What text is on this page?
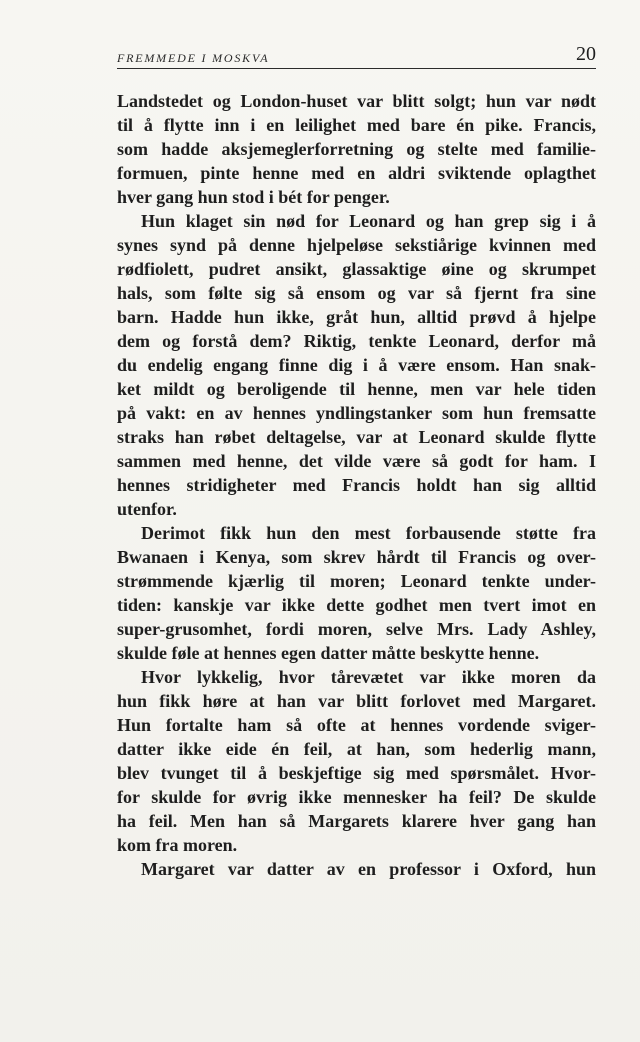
FREMMEDE I MOSKVA	20
Landstedet og London-huset var blitt solgt; hun var nødt
til å flytte inn i en leilighet med bare én pike. Francis,
som hadde aksjemeglerforretning og stelte med familie-
formuen, pinte henne med en aldri sviktende oplagthet
hver gang hun stod i bét for penger.
Hun klaget sin nød for Leonard og han grep sig i å
synes synd på denne hjelpeløse sekstiårige kvinnen med
rødfiolett, pudret ansikt, glassaktige øine og skrumpet
hals, som følte sig så ensom og var så fjernt fra sine
barn. Hadde hun ikke, gråt hun, alltid prøvd å hjelpe
dem og forstå dem? Riktig, tenkte Leonard, derfor må
du endelig engang finne dig i å være ensom. Han snak-
ket mildt og beroligende til henne, men var hele tiden
på vakt: en av hennes yndlingstanker som hun fremsatte
straks han røbet deltagelse, var at Leonard skulde flytte
sammen med henne, det vilde være så godt for ham. I
hennes stridigheter med Francis holdt han sig alltid
utenfor.
Derimot fikk hun den mest forbausende støtte fra
Bwanaen i Kenya, som skrev hårdt til Francis og over-
strømmende kjærlig til moren; Leonard tenkte under-
tiden: kanskje var ikke dette godhet men tvert imot en
super-grusomhet, fordi moren, selve Mrs. Lady Ashley,
skulde føle at hennes egen datter måtte beskytte henne.
Hvor lykkelig, hvor tårevætet var ikke moren da
hun fikk høre at han var blitt forlovet med Margaret.
Hun fortalte ham så ofte at hennes vordende sviger-
datter ikke eide én feil, at han, som hederlig mann,
blev tvunget til å beskjeftige sig med spørsmålet. Hvor-
for skulde for øvrig ikke mennesker ha feil? De skulde
ha feil. Men han så Margarets klarere hver gang han
kom fra moren.
Margaret var datter av en professor i Oxford, hun
